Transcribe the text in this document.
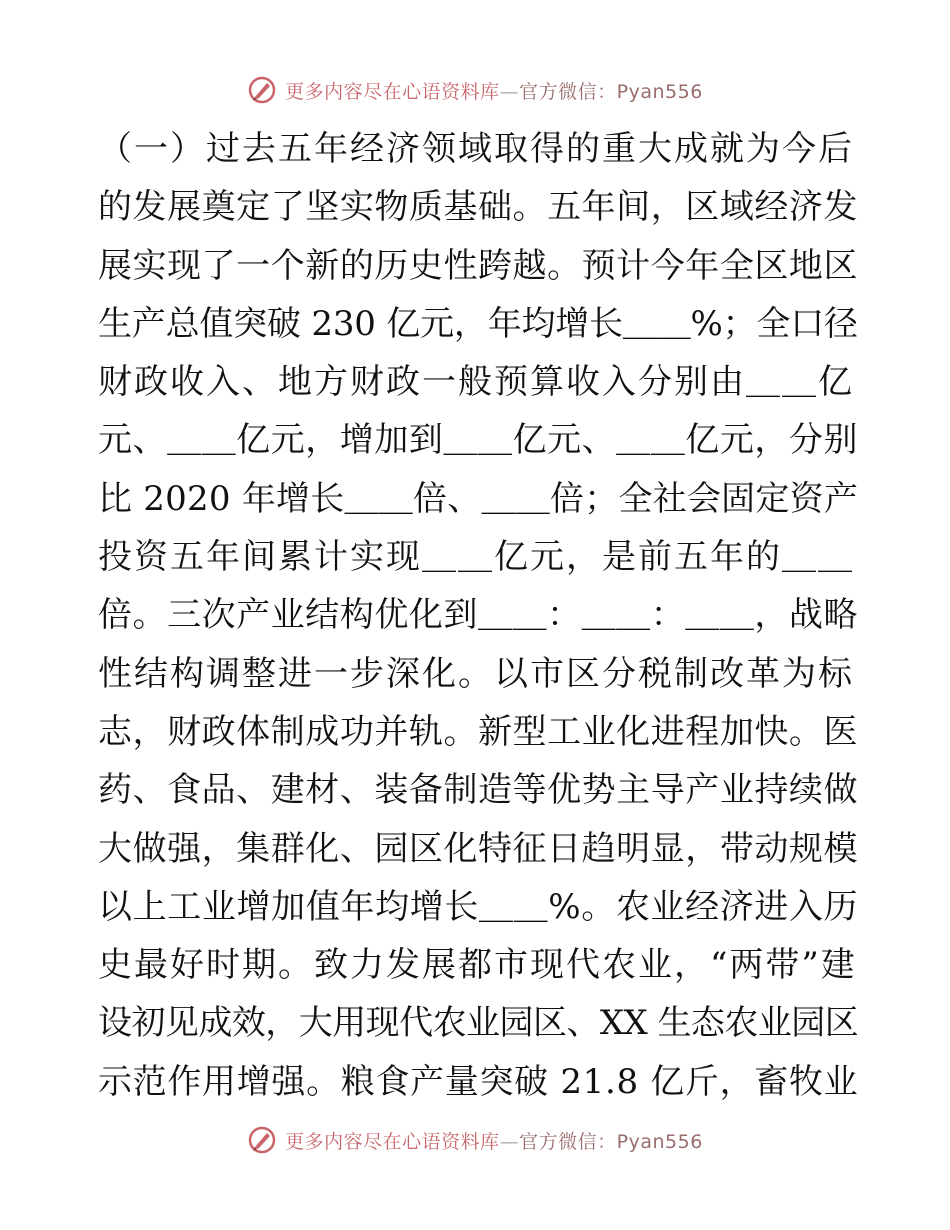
更多内容尽在心语资料库—官方微信：Pyan556
（一）过去五年经济领域取得的重大成就为今后
的发展奠定了坚实物质基础。五年间，区域经济发
展实现了一个新的历史性跨越。预计今年全区地区
生产总值突破 230 亿元，年均增长＿＿%；全口径
财政收入、地方财政一般预算收入分别由＿＿亿
元、＿＿亿元，增加到＿＿亿元、＿＿亿元，分别
比 2020 年增长＿＿倍、＿＿倍；全社会固定资产
投资五年间累计实现＿＿亿元，是前五年的＿＿
倍。三次产业结构优化到＿＿：＿＿：＿＿，战略
性结构调整进一步深化。以市区分税制改革为标
志，财政体制成功并轨。新型工业化进程加快。医
药、食品、建材、装备制造等优势主导产业持续做
大做强，集群化、园区化特征日趋明显，带动规模
以上工业增加值年均增长＿＿%。农业经济进入历
史最好时期。致力发展都市现代农业，“两带”建
设初见成效，大用现代农业园区、XX 生态农业园区
示范作用增强。粮食产量突破 21.8 亿斤，畜牧业
更多内容尽在心语资料库—官方微信：Pyan556
